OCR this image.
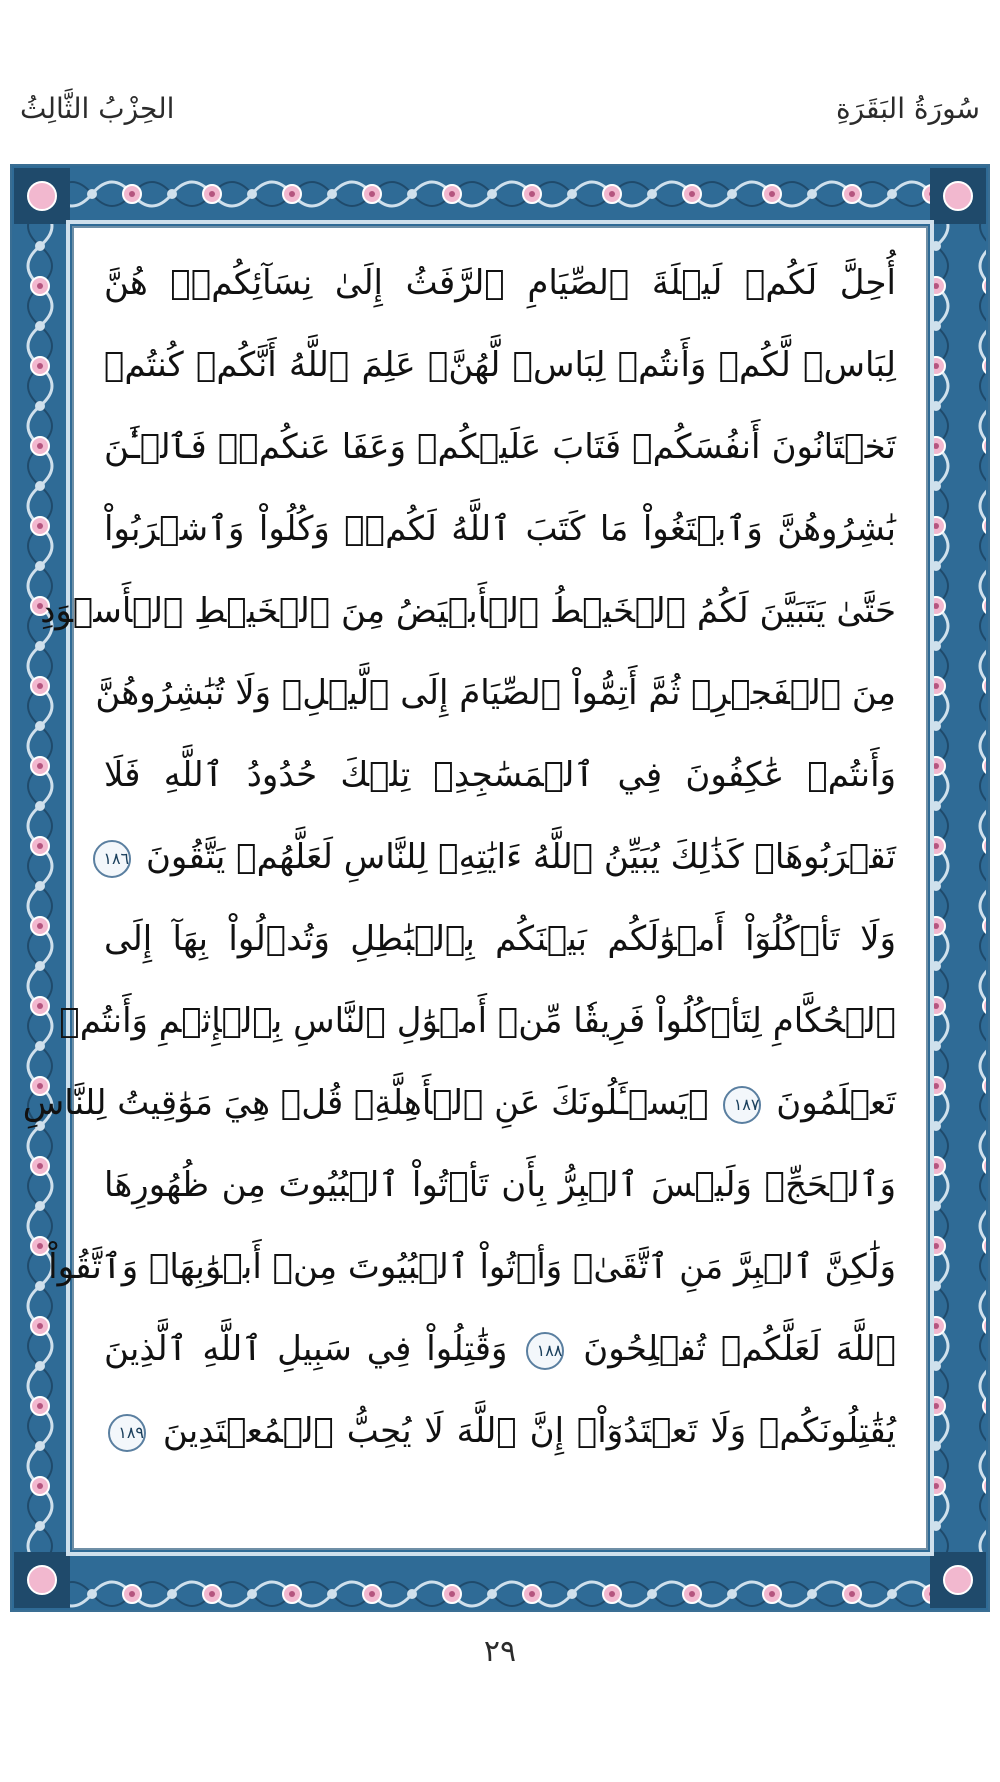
سُورَةُ البَقَرَةِ
الحِزْبُ الثَّالِثُ
أُحِلَّ لَكُمۡ لَيۡلَةَ ٱلصِّيَامِ ٱلرَّفَثُ إِلَىٰ نِسَآئِكُمۡۚ هُنَّ
لِبَاسٞ لَّكُمۡ وَأَنتُمۡ لِبَاسٞ لَّهُنَّۗ عَلِمَ ٱللَّهُ أَنَّكُمۡ كُنتُمۡ
تَخۡتَانُونَ أَنفُسَكُمۡ فَتَابَ عَلَيۡكُمۡ وَعَفَا عَنكُمۡۖ فَٱلۡـَٰٔنَ
بَٰشِرُوهُنَّ وَٱبۡتَغُواْ مَا كَتَبَ ٱللَّهُ لَكُمۡۚ وَكُلُواْ وَٱشۡرَبُواْ
حَتَّىٰ يَتَبَيَّنَ لَكُمُ ٱلۡخَيۡطُ ٱلۡأَبۡيَضُ مِنَ ٱلۡخَيۡطِ ٱلۡأَسۡوَدِ
مِنَ ٱلۡفَجۡرِۖ ثُمَّ أَتِمُّواْ ٱلصِّيَامَ إِلَى ٱلَّيۡلِۚ وَلَا تُبَٰشِرُوهُنَّ
وَأَنتُمۡ عَٰكِفُونَ فِي ٱلۡمَسَٰجِدِۗ تِلۡكَ حُدُودُ ٱللَّهِ فَلَا
تَقۡرَبُوهَاۗ كَذَٰلِكَ يُبَيِّنُ ٱللَّهُ ءَايَٰتِهِۦ لِلنَّاسِ لَعَلَّهُمۡ يَتَّقُونَ ١٨٦
وَلَا تَأۡكُلُوٓاْ أَمۡوَٰلَكُم بَيۡنَكُم بِٱلۡبَٰطِلِ وَتُدۡلُواْ بِهَآ إِلَى
ٱلۡحُكَّامِ لِتَأۡكُلُواْ فَرِيقٗا مِّنۡ أَمۡوَٰلِ ٱلنَّاسِ بِٱلۡإِثۡمِ وَأَنتُمۡ
تَعۡلَمُونَ ١٨٧ ۞يَسۡـَٔلُونَكَ عَنِ ٱلۡأَهِلَّةِۖ قُلۡ هِيَ مَوَٰقِيتُ لِلنَّاسِ
وَٱلۡحَجِّۗ وَلَيۡسَ ٱلۡبِرُّ بِأَن تَأۡتُواْ ٱلۡبُيُوتَ مِن ظُهُورِهَا
وَلَٰكِنَّ ٱلۡبِرَّ مَنِ ٱتَّقَىٰۗ وَأۡتُواْ ٱلۡبُيُوتَ مِنۡ أَبۡوَٰبِهَاۚ وَٱتَّقُواْ
ٱللَّهَ لَعَلَّكُمۡ تُفۡلِحُونَ ١٨٨ وَقَٰتِلُواْ فِي سَبِيلِ ٱللَّهِ ٱلَّذِينَ
يُقَٰتِلُونَكُمۡ وَلَا تَعۡتَدُوٓاْۚ إِنَّ ٱللَّهَ لَا يُحِبُّ ٱلۡمُعۡتَدِينَ ١٨٩
٢٩
